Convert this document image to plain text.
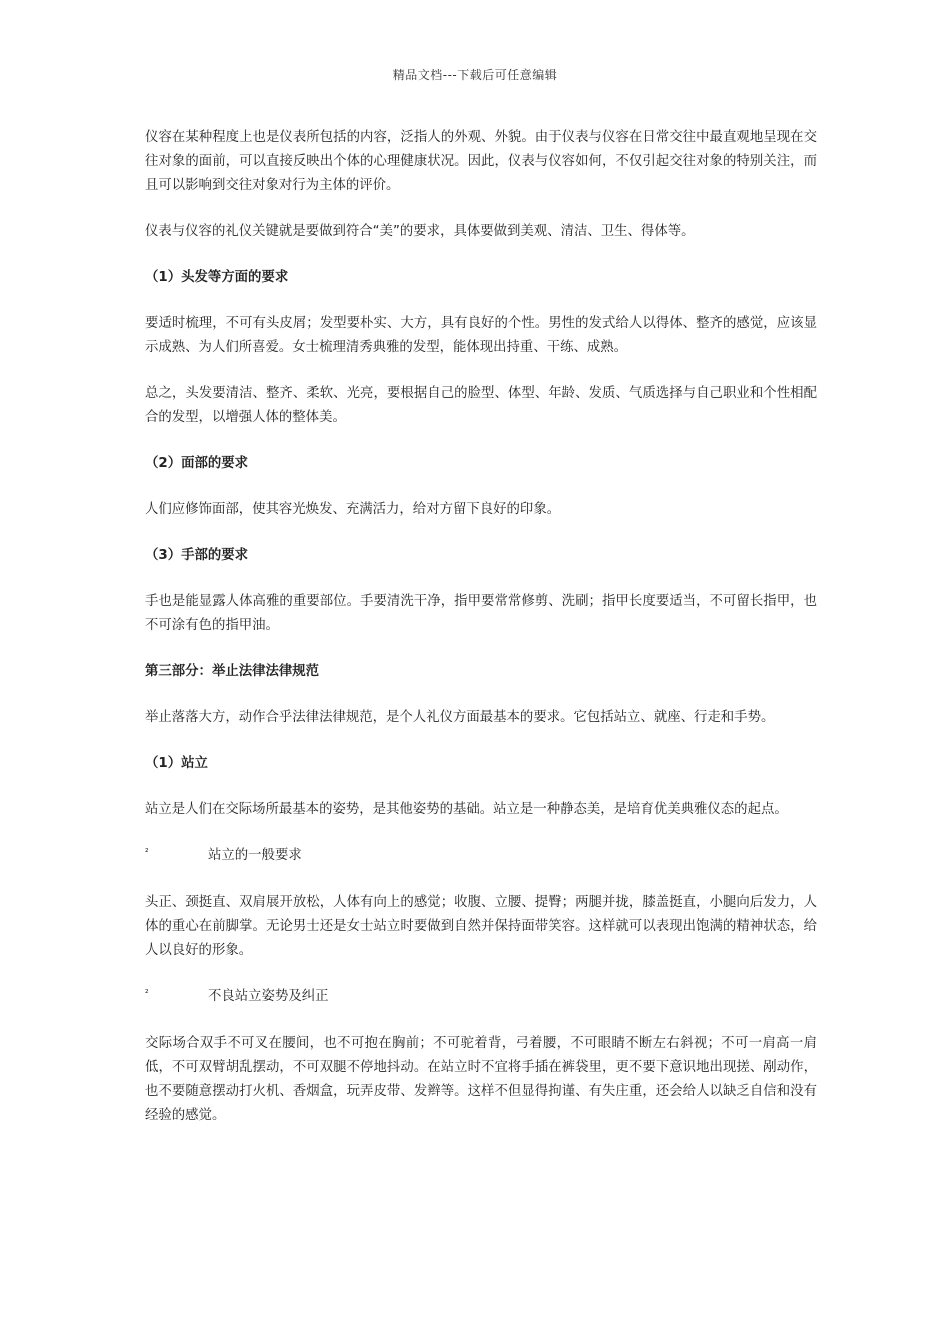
精品文档---下载后可任意编辑

仪容在某种程度上也是仪表所包括的内容，泛指人的外观、外貌。由于仪表与仪容在日常交往中最直观地呈现在交往对象的面前，可以直接反映出个体的心理健康状况。因此，仪表与仪容如何，不仅引起交往对象的特别关注，而且可以影响到交往对象对行为主体的评价。

仪表与仪容的礼仪关键就是要做到符合“美”的要求，具体要做到美观、清洁、卫生、得体等。

（1）头发等方面的要求

要适时梳理，不可有头皮屑；发型要朴实、大方，具有良好的个性。男性的发式给人以得体、整齐的感觉，应该显示成熟、为人们所喜爱。女士梳理清秀典雅的发型，能体现出持重、干练、成熟。

总之，头发要清洁、整齐、柔软、光亮，要根据自己的脸型、体型、年龄、发质、气质选择与自己职业和个性相配合的发型，以增强人体的整体美。

（2）面部的要求

人们应修饰面部，使其容光焕发、充满活力，给对方留下良好的印象。

（3）手部的要求

手也是能显露人体高雅的重要部位。手要清洗干净，指甲要常常修剪、洗刷；指甲长度要适当，不可留长指甲，也不可涂有色的指甲油。

第三部分：举止法律法律规范

举止落落大方，动作合乎法律法律规范，是个人礼仪方面最基本的要求。它包括站立、就座、行走和手势。

（1）站立

站立是人们在交际场所最基本的姿势，是其他姿势的基础。站立是一种静态美，是培育优美典雅仪态的起点。

²	站立的一般要求

头正、颈挺直、双肩展开放松，人体有向上的感觉；收腹、立腰、提臀；两腿并拢，膝盖挺直，小腿向后发力，人体的重心在前脚掌。无论男士还是女士站立时要做到自然并保持面带笑容。这样就可以表现出饱满的精神状态，给人以良好的形象。

²	不良站立姿势及纠正

交际场合双手不可叉在腰间，也不可抱在胸前；不可驼着背，弓着腰，不可眼睛不断左右斜视；不可一肩高一肩低，不可双臂胡乱摆动，不可双腿不停地抖动。在站立时不宜将手插在裤袋里，更不要下意识地出现搓、剐动作，也不要随意摆动打火机、香烟盒，玩弄皮带、发辫等。这样不但显得拘谨、有失庄重，还会给人以缺乏自信和没有经验的感觉。
